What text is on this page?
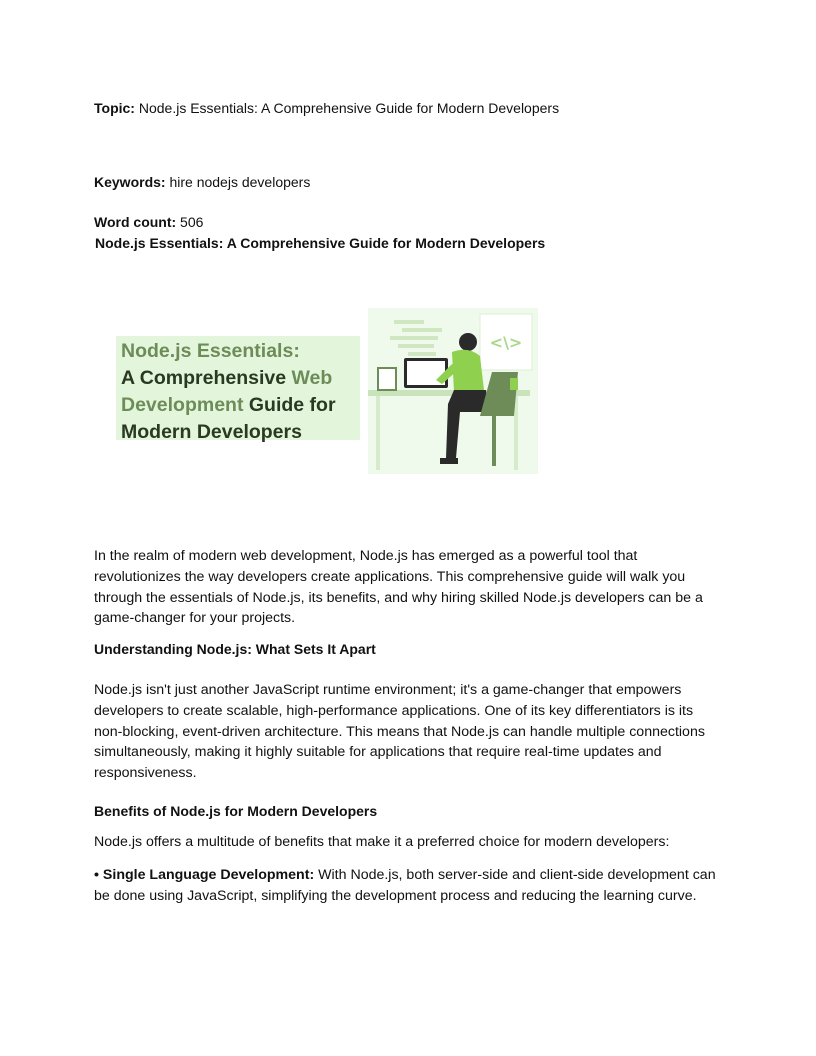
Topic: Node.js Essentials: A Comprehensive Guide for Modern Developers
Keywords: hire nodejs developers
Word count: 506
Node.js Essentials: A Comprehensive Guide for Modern Developers
Node.js Essentials:
A Comprehensive Web
Development Guide for
Modern Developers
<\>
In the realm of modern web development, Node.js has emerged as a powerful tool that revolutionizes the way developers create applications. This comprehensive guide will walk you through the essentials of Node.js, its benefits, and why hiring skilled Node.js developers can be a game-changer for your projects.
Understanding Node.js: What Sets It Apart
Node.js isn't just another JavaScript runtime environment; it's a game-changer that empowers developers to create scalable, high-performance applications. One of its key differentiators is its non-blocking, event-driven architecture. This means that Node.js can handle multiple connections simultaneously, making it highly suitable for applications that require real-time updates and responsiveness.
Benefits of Node.js for Modern Developers
Node.js offers a multitude of benefits that make it a preferred choice for modern developers:
• Single Language Development: With Node.js, both server-side and client-side development can be done using JavaScript, simplifying the development process and reducing the learning curve.
